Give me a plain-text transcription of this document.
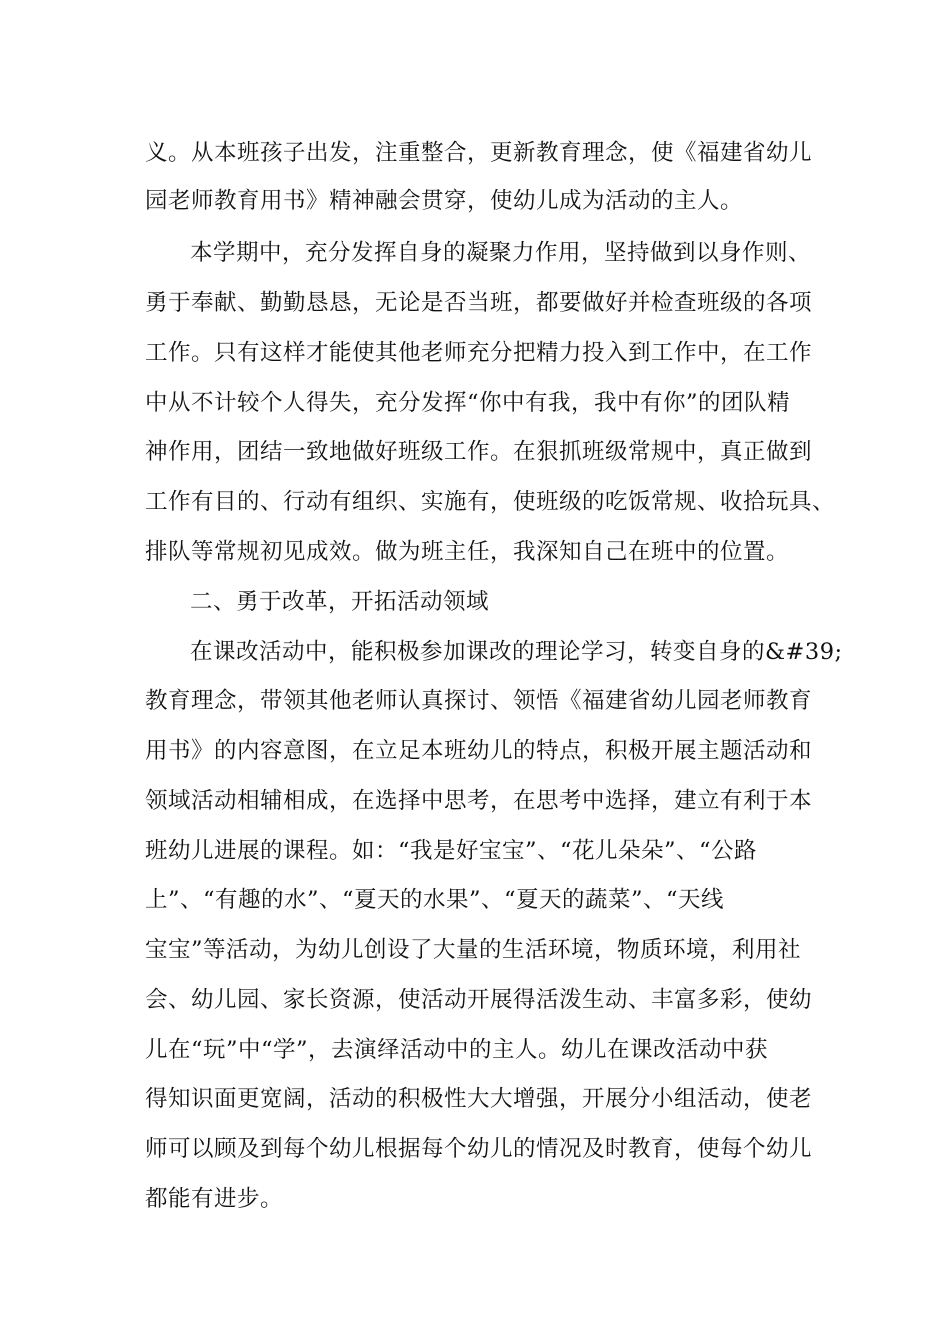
义。从本班孩子出发，注重整合，更新教育理念，使《福建省幼儿
园老师教育用书》精神融会贯穿，使幼儿成为活动的主人。
本学期中，充分发挥自身的凝聚力作用，坚持做到以身作则、
勇于奉献、勤勤恳恳，无论是否当班，都要做好并检查班级的各项
工作。只有这样才能使其他老师充分把精力投入到工作中，在工作
中从不计较个人得失，充分发挥“你中有我，我中有你”的团队精
神作用，团结一致地做好班级工作。在狠抓班级常规中，真正做到
工作有目的、行动有组织、实施有，使班级的吃饭常规、收拾玩具、
排队等常规初见成效。做为班主任，我深知自己在班中的位置。
二、勇于改革，开拓活动领域
在课改活动中，能积极参加课改的理论学习，转变自身的&#39;
教育理念，带领其他老师认真探讨、领悟《福建省幼儿园老师教育
用书》的内容意图，在立足本班幼儿的特点，积极开展主题活动和
领域活动相辅相成，在选择中思考，在思考中选择，建立有利于本
班幼儿进展的课程。如：“我是好宝宝”、“花儿朵朵”、“公路
上”、“有趣的水”、“夏天的水果”、“夏天的蔬菜”、“天线
宝宝”等活动，为幼儿创设了大量的生活环境，物质环境，利用社
会、幼儿园、家长资源，使活动开展得活泼生动、丰富多彩，使幼
儿在“玩”中“学”，去演绎活动中的主人。幼儿在课改活动中获
得知识面更宽阔，活动的积极性大大增强，开展分小组活动，使老
师可以顾及到每个幼儿根据每个幼儿的情况及时教育，使每个幼儿
都能有进步。
